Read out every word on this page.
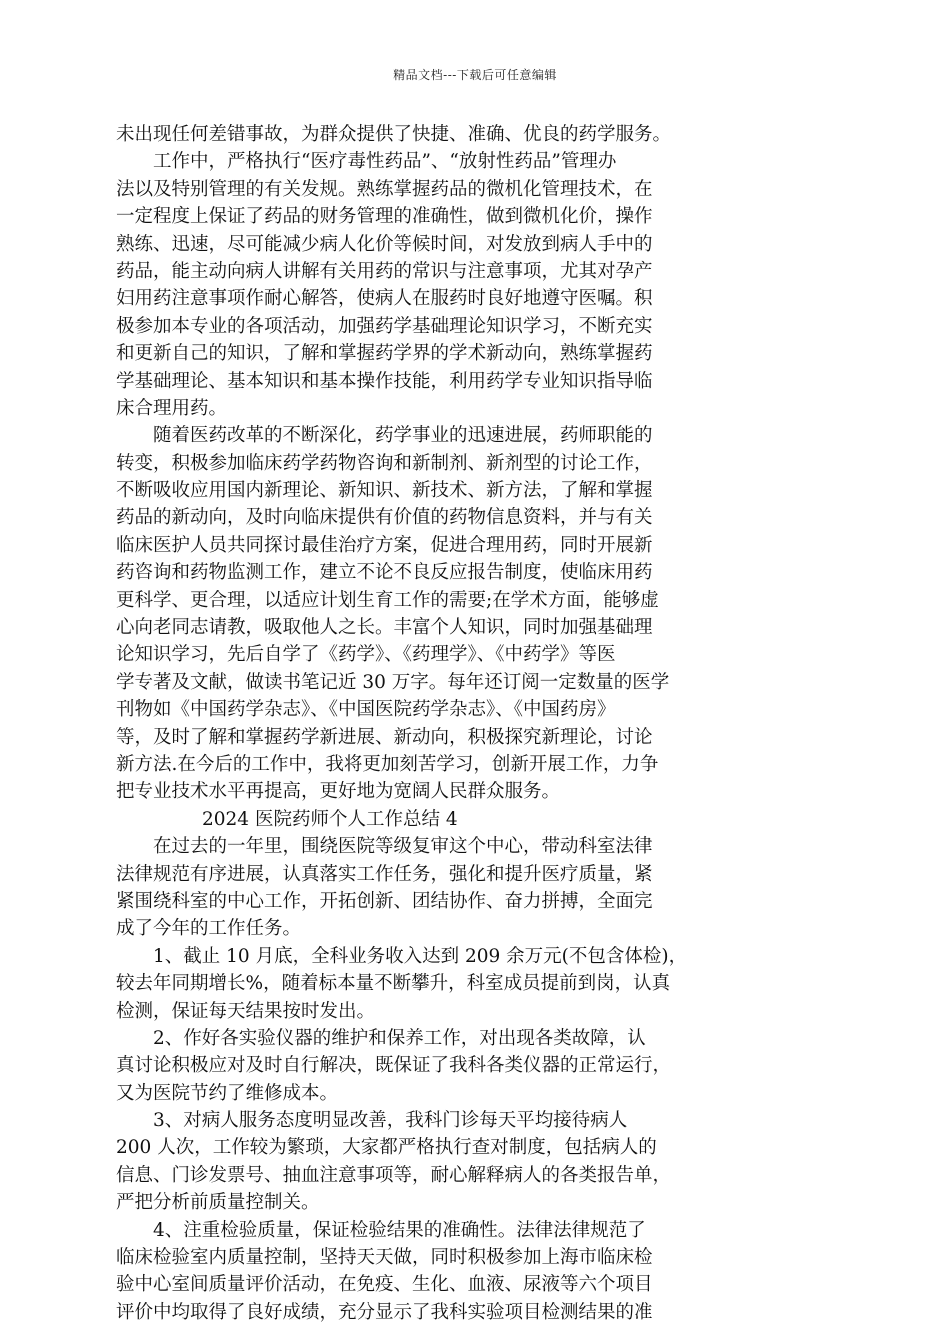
精品文档---下载后可任意编辑
未出现任何差错事故，为群众提供了快捷、准确、优良的药学服务。
工作中，严格执行“医疗毒性药品”、“放射性药品”管理办
法以及特别管理的有关发规。熟练掌握药品的微机化管理技术，在
一定程度上保证了药品的财务管理的准确性，做到微机化价，操作
熟练、迅速，尽可能减少病人化价等候时间，对发放到病人手中的
药品，能主动向病人讲解有关用药的常识与注意事项，尤其对孕产
妇用药注意事项作耐心解答，使病人在服药时良好地遵守医嘱。积
极参加本专业的各项活动，加强药学基础理论知识学习，不断充实
和更新自己的知识，了解和掌握药学界的学术新动向，熟练掌握药
学基础理论、基本知识和基本操作技能，利用药学专业知识指导临
床合理用药。
随着医药改革的不断深化，药学事业的迅速进展，药师职能的
转变，积极参加临床药学药物咨询和新制剂、新剂型的讨论工作，
不断吸收应用国内新理论、新知识、新技术、新方法，了解和掌握
药品的新动向，及时向临床提供有价值的药物信息资料，并与有关
临床医护人员共同探讨最佳治疗方案，促进合理用药，同时开展新
药咨询和药物监测工作，建立不论不良反应报告制度，使临床用药
更科学、更合理，以适应计划生育工作的需要;在学术方面，能够虚
心向老同志请教，吸取他人之长。丰富个人知识，同时加强基础理
论知识学习，先后自学了《药学》、《药理学》、《中药学》等医
学专著及文献，做读书笔记近 30 万字。每年还订阅一定数量的医学
刊物如《中国药学杂志》、《中国医院药学杂志》、《中国药房》
等，及时了解和掌握药学新进展、新动向，积极探究新理论，讨论
新方法.在今后的工作中，我将更加刻苦学习，创新开展工作，力争
把专业技术水平再提高，更好地为宽阔人民群众服务。
2024 医院药师个人工作总结 4
在过去的一年里，围绕医院等级复审这个中心，带动科室法律
法律规范有序进展，认真落实工作任务，强化和提升医疗质量，紧
紧围绕科室的中心工作，开拓创新、团结协作、奋力拼搏，全面完
成了今年的工作任务。
1、截止 10 月底，全科业务收入达到 209 余万元(不包含体检)，
较去年同期增长%，随着标本量不断攀升，科室成员提前到岗，认真
检测，保证每天结果按时发出。
2、作好各实验仪器的维护和保养工作，对出现各类故障，认
真讨论积极应对及时自行解决，既保证了我科各类仪器的正常运行，
又为医院节约了维修成本。
3、对病人服务态度明显改善，我科门诊每天平均接待病人
200 人次，工作较为繁琐，大家都严格执行查对制度，包括病人的
信息、门诊发票号、抽血注意事项等，耐心解释病人的各类报告单，
严把分析前质量控制关。
4、注重检验质量，保证检验结果的准确性。法律法律规范了
临床检验室内质量控制，坚持天天做，同时积极参加上海市临床检
验中心室间质量评价活动，在免疫、生化、血液、尿液等六个项目
评价中均取得了良好成绩，充分显示了我科实验项目检测结果的准
